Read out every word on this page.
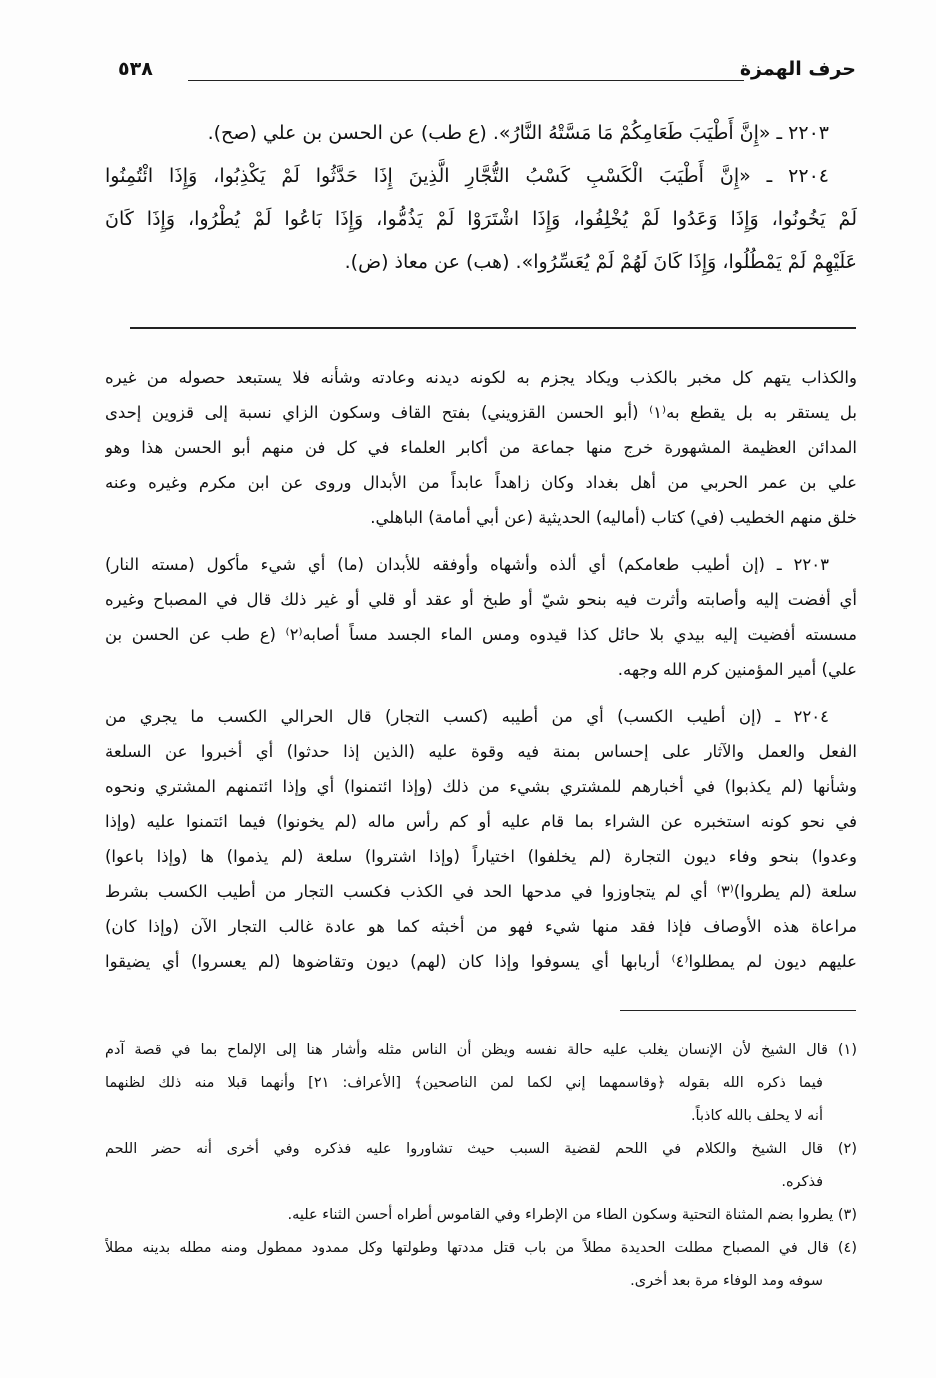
حرف الهمزة
٥٣٨
٢٢٠٣ ـ «إِنَّ أَطْيَبَ طَعَامِكُمْ مَا مَسَّتْهُ النَّارُ». (ع طب) عن الحسن بن علي (صح).
٢٢٠٤ ـ «إِنَّ أَطْيَبَ الْكَسْبِ كَسْبُ التُّجَّارِ الَّذِينَ إِذَا حَدَّثُوا لَمْ يَكْذِبُوا، وَإِذَا ائْتُمِنُوا
لَمْ يَخُونُوا، وَإِذَا وَعَدُوا لَمْ يُخْلِفُوا، وَإِذَا اشْتَرَوْا لَمْ يَذُمُّوا، وَإِذَا بَاعُوا لَمْ يُطْرُوا، وَإِذَا كَانَ
عَلَيْهِمْ لَمْ يَمْطُلُوا، وَإِذَا كَانَ لَهُمْ لَمْ يُعَسِّرُوا». (هب) عن معاذ (ض).
والكذاب يتهم كل مخبر بالكذب ويكاد يجزم به لكونه ديدنه وعادته وشأنه فلا يستبعد حصوله من غيره
بل يستقر به بل يقطع به⁽١⁾ (أبو الحسن القزويني) بفتح القاف وسكون الزاي نسبة إلى قزوين إحدى
المدائن العظيمة المشهورة خرج منها جماعة من أكابر العلماء في كل فن منهم أبو الحسن هذا وهو
علي بن عمر الحربي من أهل بغداد وكان زاهداً عابداً من الأبدال وروى عن ابن مكرم وغيره وعنه
خلق منهم الخطيب (في) كتاب (أماليه) الحديثية (عن أبي أمامة) الباهلي.
٢٢٠٣ ـ (إن أطيب طعامكم) أي ألذه وأشهاه وأوفقه للأبدان (ما) أي شيء مأكول (مسته النار)
أي أفضت إليه وأصابته وأثرت فيه بنحو شيّ أو طبخ أو عقد أو قلي أو غير ذلك قال في المصباح وغيره
مسسته أفضيت إليه بيدي بلا حائل كذا قيدوه ومس الماء الجسد مساً أصابه⁽٢⁾ (ع طب عن الحسن بن
علي) أمير المؤمنين كرم الله وجهه.
٢٢٠٤ ـ (إن أطيب الكسب) أي من أطيبه (كسب التجار) قال الحرالي الكسب ما يجري من
الفعل والعمل والآثار على إحساس بمنة فيه وقوة عليه (الذين إذا حدثوا) أي أخبروا عن السلعة
وشأنها (لم يكذبوا) في أخبارهم للمشتري بشيء من ذلك (وإذا ائتمنوا) أي وإذا ائتمنهم المشتري ونحوه
في نحو كونه استخبره عن الشراء بما قام عليه أو كم رأس ماله (لم يخونوا) فيما ائتمنوا عليه (وإذا
وعدوا) بنحو وفاء ديون التجارة (لم يخلفوا) اختياراً (وإذا اشتروا) سلعة (لم يذموا) ها (وإذا باعوا)
سلعة (لم يطروا)⁽٣⁾ أي لم يتجاوزوا في مدحها الحد في الكذب فكسب التجار من أطيب الكسب بشرط
مراعاة هذه الأوصاف فإذا فقد منها شيء فهو من أخبثه كما هو عادة غالب التجار الآن (وإذا كان)
عليهم ديون لم يمطلوا⁽٤⁾ أربابها أي يسوفوا وإذا كان (لهم) ديون وتقاضوها (لم يعسروا) أي يضيقوا
(١) قال الشيخ لأن الإنسان يغلب عليه حالة نفسه ويظن أن الناس مثله وأشار هنا إلى الإلماح بما في قصة آدم
فيما ذكره الله بقوله ﴿وقاسمهما إني لكما لمن الناصحين﴾ [الأعراف: ٢١] وأنهما قبلا منه ذلك لظنهما
أنه لا يحلف بالله كاذباً.
(٢) قال الشيخ والكلام في اللحم لقضية السبب حيث تشاوروا عليه فذكره وفي أخرى أنه حضر اللحم
فذكره.
(٣) يطروا بضم المثناة التحتية وسكون الطاء من الإطراء وفي القاموس أطراه أحسن الثناء عليه.
(٤) قال في المصباح مطلت الحديدة مطلاً من باب قتل مددتها وطولتها وكل ممدود ممطول ومنه مطله بدينه مطلاً
سوفه ومد الوفاء مرة بعد أخرى.
